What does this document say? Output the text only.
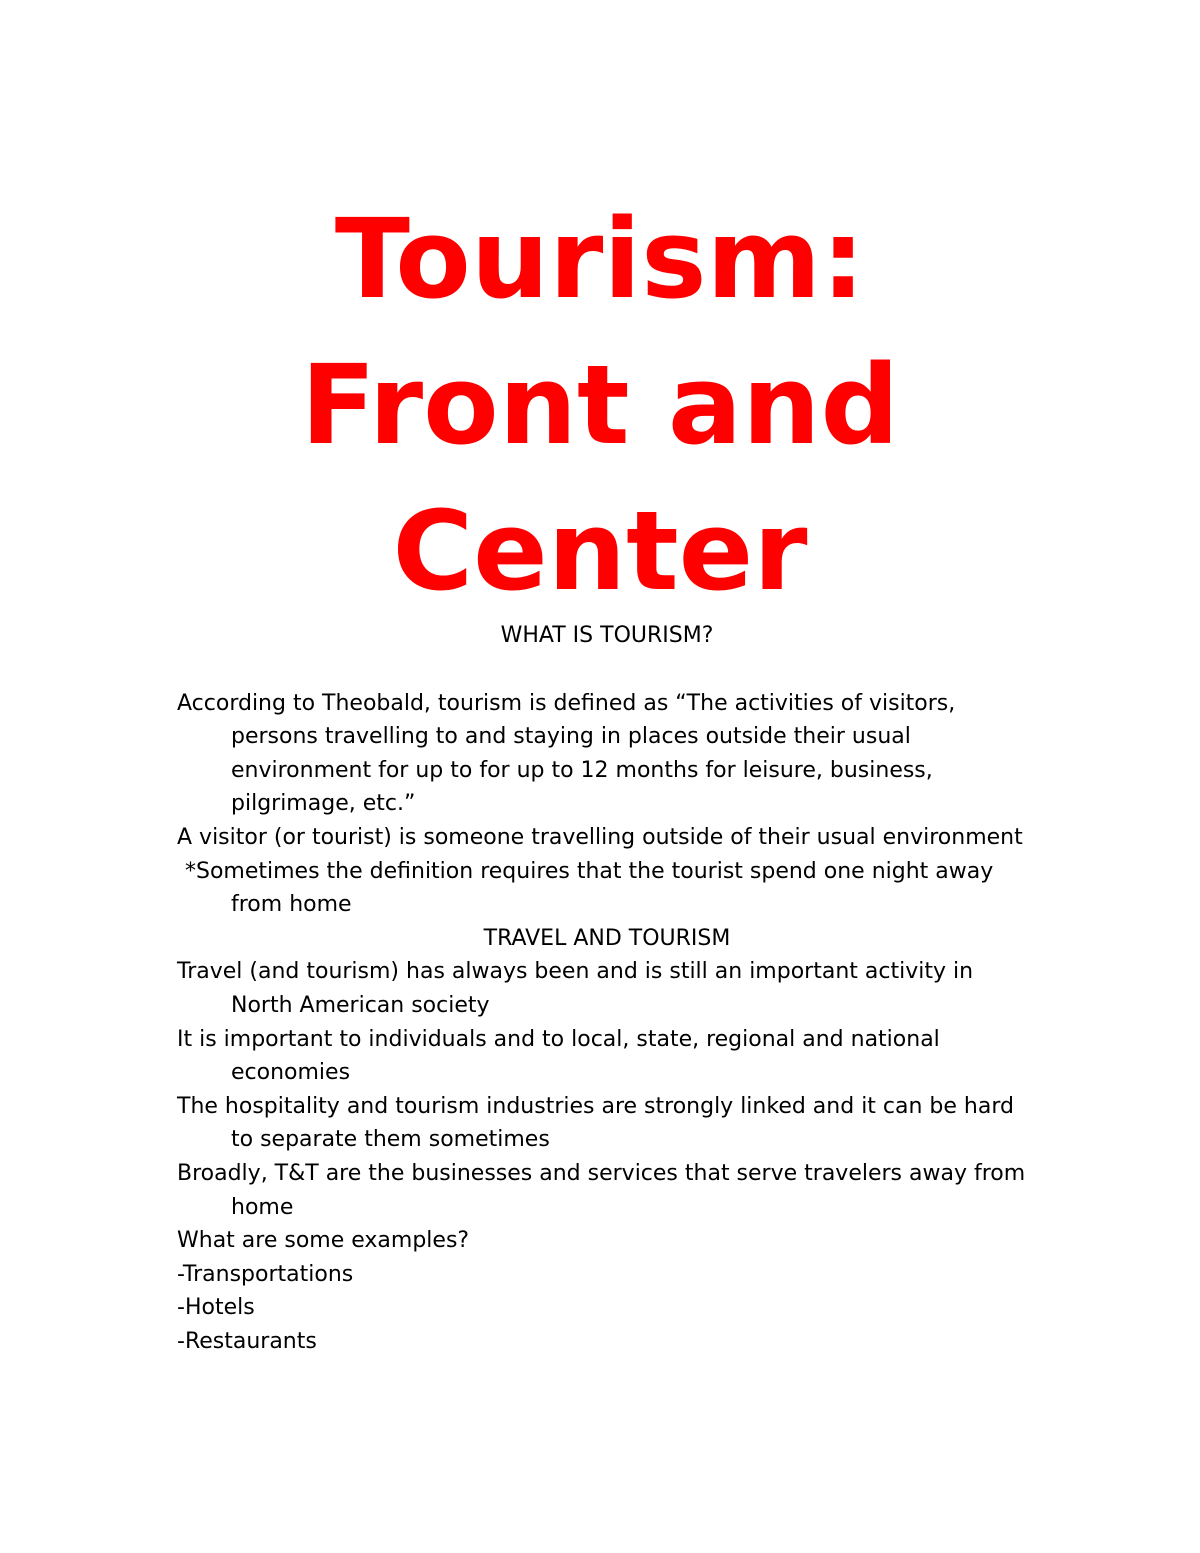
Tourism:
Front and
Center

WHAT IS TOURISM?

According to Theobald, tourism is defined as “The activities of visitors, persons travelling to and staying in places outside their usual environment for up to for up to 12 months for leisure, business, pilgrimage, etc.”

A visitor (or tourist) is someone travelling outside of their usual environment

*Sometimes the definition requires that the tourist spend one night away from home

TRAVEL AND TOURISM

Travel (and tourism) has always been and is still an important activity in North American society

It is important to individuals and to local, state, regional and national economies

The hospitality and tourism industries are strongly linked and it can be hard to separate them sometimes

Broadly, T&T are the businesses and services that serve travelers away from home

What are some examples?

-Transportations

-Hotels

-Restaurants
